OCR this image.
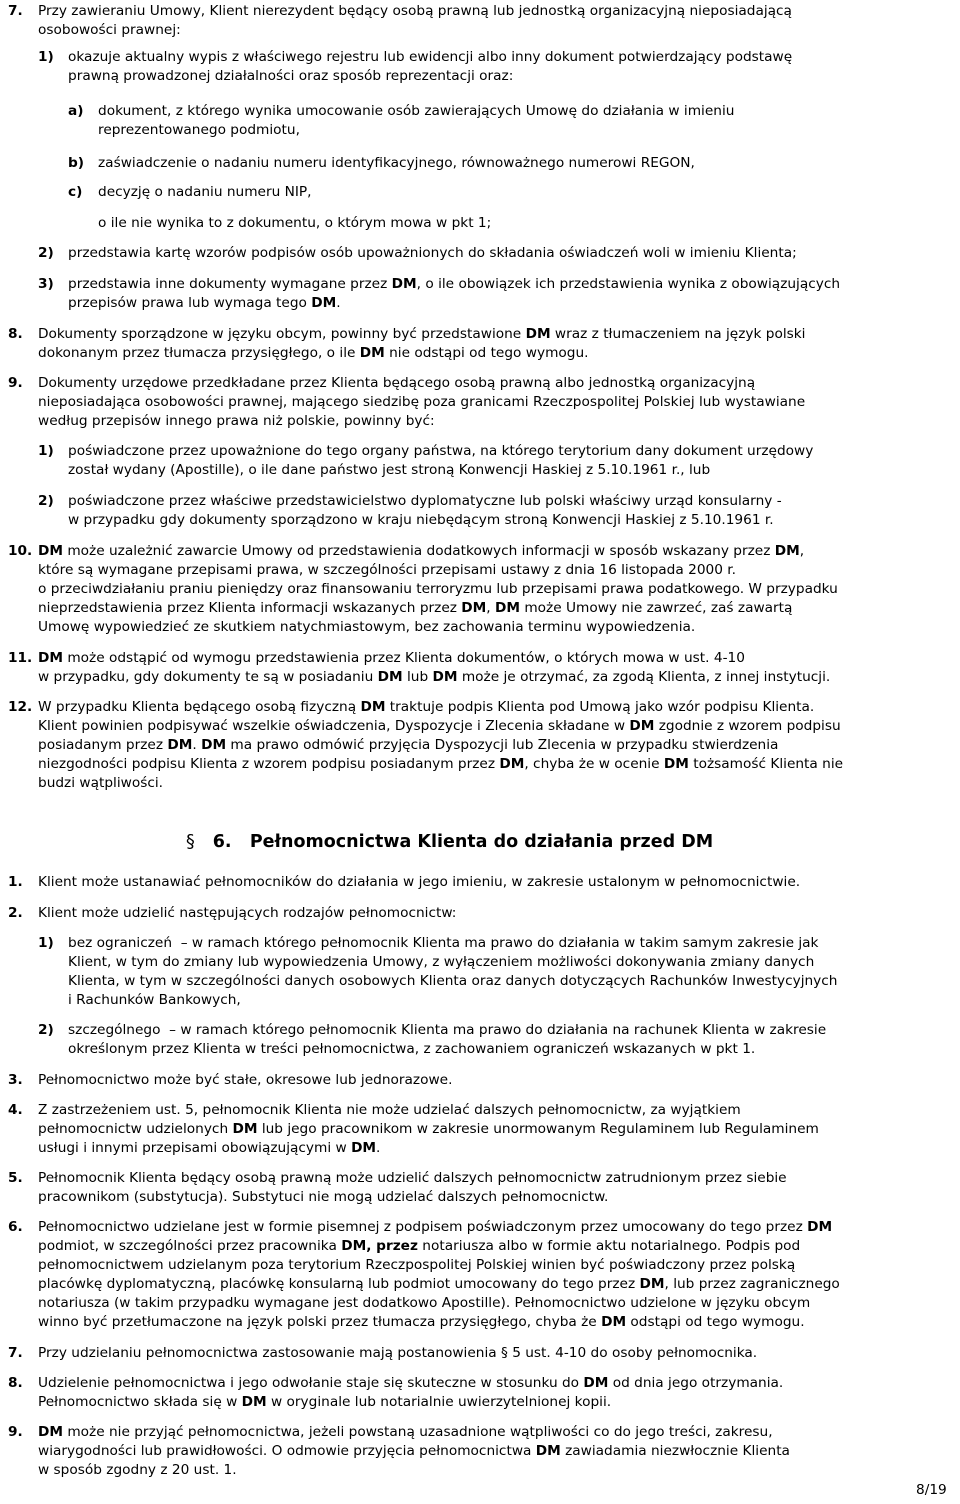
§ 6.   Pełnomocnictwa Klienta do działania przed DM
7. Przy zawieraniu Umowy, Klient nierezydent będący osobą prawną lub jednostką organizacyjną nieposiadającą
osobowości prawnej:
1) okazuje aktualny wypis z właściwego rejestru lub ewidencji albo inny dokument potwierdzający podstawę
prawną prowadzonej działalności oraz sposób reprezentacji oraz:
a) dokument, z którego wynika umocowanie osób zawierających Umowę do działania w imieniu
reprezentowanego podmiotu,
b) zaświadczenie o nadaniu numeru identyfikacyjnego, równoważnego numerowi REGON,
c) decyzję o nadaniu numeru NIP,
o ile nie wynika to z dokumentu, o którym mowa w pkt 1;
2) przedstawia kartę wzorów podpisów osób upoważnionych do składania oświadczeń woli w imieniu Klienta;
3) przedstawia inne dokumenty wymagane przez DM, o ile obowiązek ich przedstawienia wynika z obowiązujących
przepisów prawa lub wymaga tego DM.
8. Dokumenty sporządzone w języku obcym, powinny być przedstawione DM wraz z tłumaczeniem na język polski
dokonanym przez tłumacza przysięgłego, o ile DM nie odstąpi od tego wymogu.
9. Dokumenty urzędowe przedkładane przez Klienta będącego osobą prawną albo jednostką organizacyjną
nieposiadająca osobowości prawnej, mającego siedzibę poza granicami Rzeczpospolitej Polskiej lub wystawiane
według przepisów innego prawa niż polskie, powinny być:
1) poświadczone przez upoważnione do tego organy państwa, na którego terytorium dany dokument urzędowy
został wydany (Apostille), o ile dane państwo jest stroną Konwencji Haskiej z 5.10.1961 r., lub
2) poświadczone przez właściwe przedstawicielstwo dyplomatyczne lub polski właściwy urząd konsularny -
w przypadku gdy dokumenty sporządzono w kraju niebędącym stroną Konwencji Haskiej z 5.10.1961 r.
10. DM może uzależnić zawarcie Umowy od przedstawienia dodatkowych informacji w sposób wskazany przez DM,
które są wymagane przepisami prawa, w szczególności przepisami ustawy z dnia 16 listopada 2000 r.
o przeciwdziałaniu praniu pieniędzy oraz finansowaniu terroryzmu lub przepisami prawa podatkowego. W przypadku
nieprzedstawienia przez Klienta informacji wskazanych przez DM, DM może Umowy nie zawrzeć, zaś zawartą
Umowę wypowiedzieć ze skutkiem natychmiastowym, bez zachowania terminu wypowiedzenia.
11. DM może odstąpić od wymogu przedstawienia przez Klienta dokumentów, o których mowa w ust. 4-10
w przypadku, gdy dokumenty te są w posiadaniu DM lub DM może je otrzymać, za zgodą Klienta, z innej instytucji.
12. W przypadku Klienta będącego osobą fizyczną DM traktuje podpis Klienta pod Umową jako wzór podpisu Klienta.
Klient powinien podpisywać wszelkie oświadczenia, Dyspozycje i Zlecenia składane w DM zgodnie z wzorem podpisu
posiadanym przez DM. DM ma prawo odmówić przyjęcia Dyspozycji lub Zlecenia w przypadku stwierdzenia
niezgodności podpisu Klienta z wzorem podpisu posiadanym przez DM, chyba że w ocenie DM tożsamość Klienta nie
budzi wątpliwości.
1. Klient może ustanawiać pełnomocników do działania w jego imieniu, w zakresie ustalonym w pełnomocnictwie.
2. Klient może udzielić następujących rodzajów pełnomocnictw:
1) bez ograniczeń  – w ramach którego pełnomocnik Klienta ma prawo do działania w takim samym zakresie jak
Klient, w tym do zmiany lub wypowiedzenia Umowy, z wyłączeniem możliwości dokonywania zmiany danych
Klienta, w tym w szczególności danych osobowych Klienta oraz danych dotyczących Rachunków Inwestycyjnych
i Rachunków Bankowych,
2) szczególnego  – w ramach którego pełnomocnik Klienta ma prawo do działania na rachunek Klienta w zakresie
określonym przez Klienta w treści pełnomocnictwa, z zachowaniem ograniczeń wskazanych w pkt 1.
3. Pełnomocnictwo może być stałe, okresowe lub jednorazowe.
4. Z zastrzeżeniem ust. 5, pełnomocnik Klienta nie może udzielać dalszych pełnomocnictw, za wyjątkiem
pełnomocnictw udzielonych DM lub jego pracownikom w zakresie unormowanym Regulaminem lub Regulaminem
usługi i innymi przepisami obowiązującymi w DM.
5. Pełnomocnik Klienta będący osobą prawną może udzielić dalszych pełnomocnictw zatrudnionym przez siebie
pracownikom (substytucja). Substytuci nie mogą udzielać dalszych pełnomocnictw.
6. Pełnomocnictwo udzielane jest w formie pisemnej z podpisem poświadczonym przez umocowany do tego przez DM
podmiot, w szczególności przez pracownika DM, przez notariusza albo w formie aktu notarialnego. Podpis pod
pełnomocnictwem udzielanym poza terytorium Rzeczpospolitej Polskiej winien być poświadczony przez polską
placówkę dyplomatyczną, placówkę konsularną lub podmiot umocowany do tego przez DM, lub przez zagranicznego
notariusza (w takim przypadku wymagane jest dodatkowo Apostille). Pełnomocnictwo udzielone w języku obcym
winno być przetłumaczone na język polski przez tłumacza przysięgłego, chyba że DM odstąpi od tego wymogu.
7. Przy udzielaniu pełnomocnictwa zastosowanie mają postanowienia § 5 ust. 4-10 do osoby pełnomocnika.
8. Udzielenie pełnomocnictwa i jego odwołanie staje się skuteczne w stosunku do DM od dnia jego otrzymania.
Pełnomocnictwo składa się w DM w oryginale lub notarialnie uwierzytelnionej kopii.
9. DM może nie przyjąć pełnomocnictwa, jeżeli powstaną uzasadnione wątpliwości co do jego treści, zakresu,
wiarygodności lub prawidłowości. O odmowie przyjęcia pełnomocnictwa DM zawiadamia niezwłocznie Klienta
w sposób zgodny z 20 ust. 1.
8/19
